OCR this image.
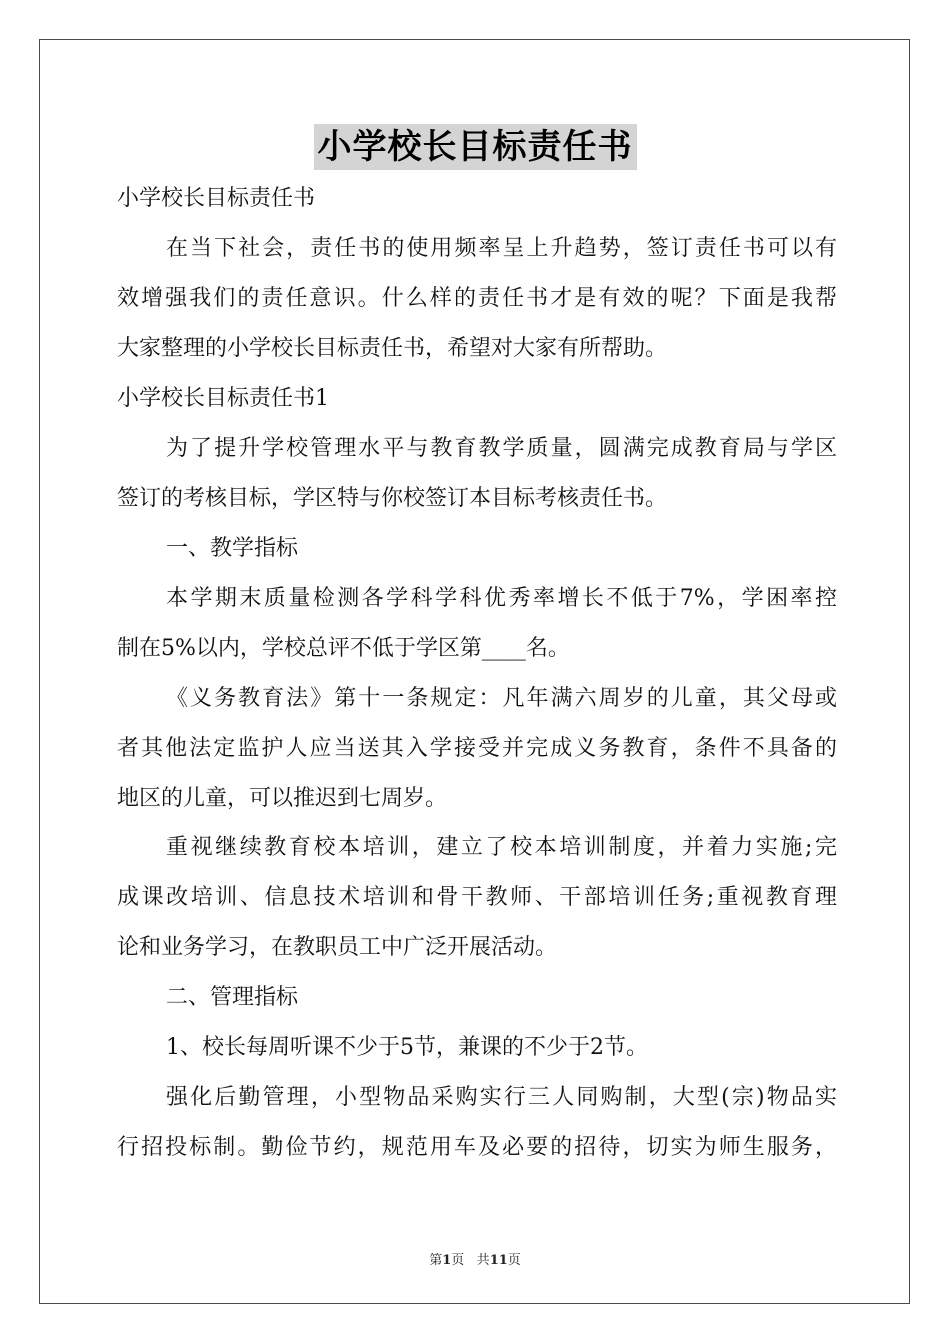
小学校长目标责任书
小学校长目标责任书
在当下社会，责任书的使用频率呈上升趋势，签订责任书可以有
效增强我们的责任意识。什么样的责任书才是有效的呢？下面是我帮
大家整理的小学校长目标责任书，希望对大家有所帮助。
小学校长目标责任书1
为了提升学校管理水平与教育教学质量，圆满完成教育局与学区
签订的考核目标，学区特与你校签订本目标考核责任书。
一、教学指标
本学期末质量检测各学科学科优秀率增长不低于7%，学困率控
制在5%以内，学校总评不低于学区第____名。
《义务教育法》第十一条规定：凡年满六周岁的儿童，其父母或
者其他法定监护人应当送其入学接受并完成义务教育，条件不具备的
地区的儿童，可以推迟到七周岁。
重视继续教育校本培训，建立了校本培训制度，并着力实施;完
成课改培训、信息技术培训和骨干教师、干部培训任务;重视教育理
论和业务学习，在教职员工中广泛开展活动。
二、管理指标
1、校长每周听课不少于5节，兼课的不少于2节。
强化后勤管理，小型物品采购实行三人同购制，大型(宗)物品实
行招投标制。勤俭节约，规范用车及必要的招待，切实为师生服务，
第1页 共11页
